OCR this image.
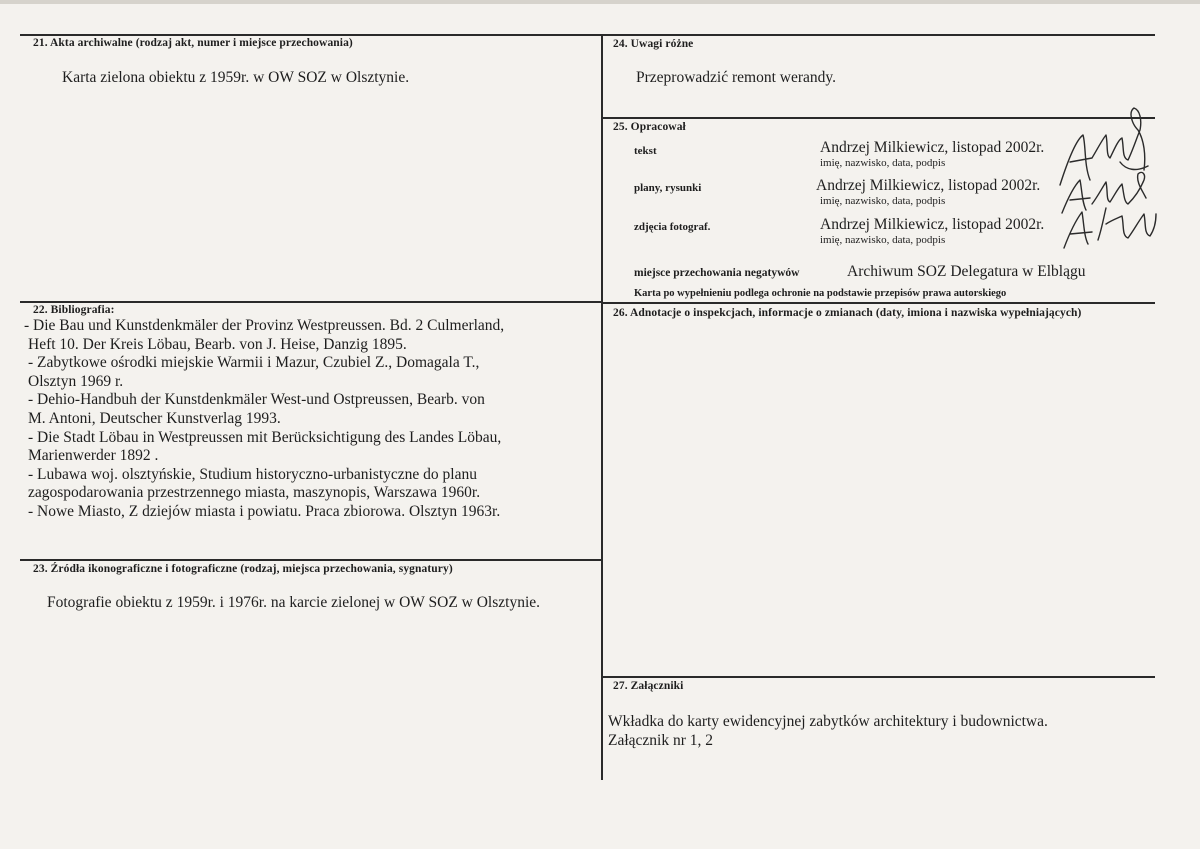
21. Akta archiwalne (rodzaj akt, numer i miejsce przechowania)
Karta zielona obiektu z 1959r. w OW SOZ w Olsztynie.
24. Uwagi różne
Przeprowadzić remont werandy.
25. Opracował
tekst	Andrzej Milkiewicz, listopad 2002r.
imię, nazwisko, data, podpis
plany, rysunki	Andrzej Milkiewicz, listopad 2002r.
imię, nazwisko, data, podpis
zdjęcia fotograf.	Andrzej Milkiewicz, listopad 2002r.
imię, nazwisko, data, podpis
miejsce przechowania negatywów	Archiwum SOZ Delegatura w Elblągu
Karta po wypełnieniu podlega ochronie na podstawie przepisów prawa autorskiego
22. Bibliografia:
- Die Bau und Kunstdenkmäler der Provinz Westpreussen. Bd. 2 Culmerland,
Heft 10. Der Kreis Löbau, Bearb. von J. Heise, Danzig 1895.
- Zabytkowe ośrodki miejskie Warmii i Mazur, Czubiel Z., Domagala T.,
Olsztyn 1969 r.
- Dehio-Handbuh der Kunstdenkmäler West-und Ostpreussen, Bearb. von
M. Antoni, Deutscher Kunstverlag 1993.
- Die Stadt Löbau in Westpreussen mit Berücksichtigung des Landes Löbau,
Marienwerder 1892 .
- Lubawa woj. olsztyńskie, Studium historyczno-urbanistyczne do planu
zagospodarowania przestrzennego miasta, maszynopis, Warszawa 1960r.
- Nowe Miasto, Z dziejów miasta i powiatu. Praca zbiorowa. Olsztyn 1963r.
26. Adnotacje o inspekcjach, informacje o zmianach (daty, imiona i nazwiska wypełniających)
23. Źródła ikonograficzne i fotograficzne (rodzaj, miejsca przechowania, sygnatury)
Fotografie obiektu z 1959r. i 1976r. na karcie zielonej w OW SOZ w Olsztynie.
27. Załączniki
Wkładka do karty ewidencyjnej zabytków architektury i budownictwa.
Załącznik nr 1, 2
